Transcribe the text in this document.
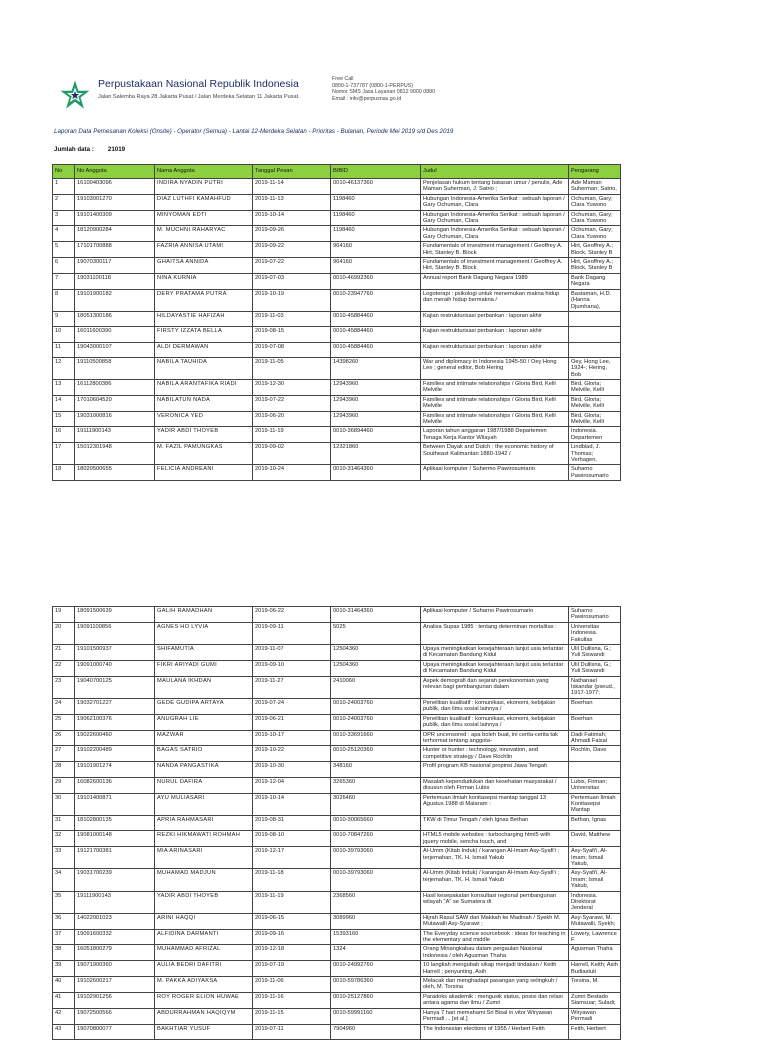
Perpustakaan Nasional Republik Indonesia
Jalan Salemba Raya 28 Jakarta Pusat / Jalan Merdeka Selatan 11 Jakarta Pusat.
Free Call
0800-1-737787 (0800-1-PERPUS)
Nomor SMS Jasa Layanan 0812 9000 0880
Email : info@perpusnas.go.id
Laporan Data Pemesanan Koleksi (Onsite) - Operator (Semua) - Lantai 12-Merdeka Selatan - Prioritas - Bulanan, Periode Mei 2019 s/d Des 2019
Jumlah data : 21019
No	No Anggota	Nama Anggota	Tanggal Pesan	BIBID	Judul	Pengarang
1	16100403096	INDIRA NYADIN PUTRI	2019-11-14	0010-46137360	Penjelasan hukum tentang batasan umur / penulis, Ade Maman Suherman, J. Satrio ;	Ade Maman Suherman; Satrio,
2	19103001270	DIAZ LUTHFI KAMAHFUD	2019-11-13	1198460	Hubungan Indonesia-Amerika Serikat : sebuah laporan / Gary Ochuman, Clara	Ochuman, Gary; Clara Yuwono
3	19101400309	MINYOMAN EDTI	2019-10-14	1198460	Hubungan Indonesia-Amerika Serikat : sebuah laporan / Gary Ochuman, Clara	Ochuman, Gary; Clara Yuwono
4	18120900284	M. MUCHNI RAHARYAC	2019-09-26	1198460	Hubungan Indonesia-Amerika Serikat : sebuah laporan / Gary Ochuman, Clara	Ochuman, Gary; Clara Yuwono
5	17101700888	FAZRIA ANNISA UTAMI	2019-09-22	964160	Fundamentals of investment management / Geoffrey A. Hirt, Stanley B. Block	Hirt, Geoffrey A.; Block, Stanley B
6	19070300117	GHAITSA ANNIDA	2019-07-22	964160	Fundamentals of investment management / Geoffrey A. Hirt, Stanley B. Block	Hirt, Geoffrey A.; Block, Stanley B
7	19031100118	NINA KURNIA	2019-07-03	0010-46992360	Annual report Bank Dagang Negara 1989	Bank Dagang Negara
8	19101900182	DERY PRATAMA PUTRA	2019-10-19	0010-23947760	Logoterapi : psikologi untuk menemukan makna hidup dan meraih hidup bermakna /	Bastaman, H.D. (Hanna Djumhana),
9	18051300186	HILDAYASTIE HAFIZAH	2019-11-03	0010-45884460	Kajian restrukturisasi perbankan : laporan akhir	
10	16011600390	FIRSTY IZZATA BELLA	2019-08-15	0010-45884460	Kajian restrukturisasi perbankan : laporan akhir	
11	19043000107	ALDI DERMAWAN	2019-07-08	0010-45884460	Kajian restrukturisasi perbankan : laporan akhir	
12	19110500858	NABILA TAUHIDA	2019-11-05	14398260	War and diplomacy in Indonesia 1945-50 / Oey Hong Lee ; general editor, Bob Hering	Oey, Hong Lee, 1924-; Hering, Bob
13	16112800386	NABILA ARANTAFIKA RIADI	2019-12-30	12943960	Families and intimate relationships / Gloria Bird, Kelli Melville	Bird, Gloria; Melville, Kelli
14	17010604520	NABILATUN NADA	2019-07-22	12943960	Families and intimate relationships / Gloria Bird, Kelli Melville	Bird, Gloria; Melville, Kelli
15	19031000816	VERONICA YED	2019-06-20	12943960	Families and intimate relationships / Gloria Bird, Kelli Melville	Bird, Gloria; Melville, Kelli
16	19111900143	YADIR ABDI THOYEB	2019-11-19	0010-36894460	Laporan tahun anggaran 1987/1988 Departemen Tenaga Kerja Kantor Wilayah	Indonesia. Departemen
17	15012301948	M. FAZIL PAMUNGKAS	2019-09-02	12321860	Between Dayak and Dutch : the economic history of Southeast Kalimantan 1880-1942 /	Lindblad, J. Thomas; Verhagen,
18	18020500655	FELICIA ANDREANI	2019-10-24	0010-31464360	Aplikasi komputer / Suhermo Pawirosumario	Suharno Pawirosumario
19	18091500639	GALIH RAMADHAN	2019-06-22	0010-31464360	Aplikasi komputer / Suharno Pawirosumario	Suharno Pawirosumario
20	19091100856	AGNES HO LYVIA	2019-09-11	5025	Analisa Supas 1985 : tentang determinan mortalitas :	Universitas Indonesia. Fakultas
21	19101500937	SHIFAMUTIA	2019-11-07	12504360	Upaya meningkatkan kesejahteraan lanjut usia terlantar di Kecamatan Bandung Kidul	Ulil Dullisna, G.; Yuli Siswandi
22	19091000740	FIKRI ARIYADI GUMI	2019-09-10	12504360	Upaya meningkatkan kesejahteraan lanjut usia terlantar di Kecamatan Bandung Kidul	Ulil Dullisna, G.; Yuli Siswandi
23	19040700125	MAULANA IKHDAN	2019-11-27	2410060	Aspek demografi dan sejarah perekonomian yang relevan bagi pembangunan dalam	Nathanael Iskandar (pseud., 1917-1977;
24	19032701227	GEDE GUDIPA ARTAYA	2019-07-24	0010-24003760	Penelitian kualitatif : komunikasi, ekonomi, kebijakan publik, dan ilmu sosial lainnya /	Boerhan
25	19062100376	ANUGRAH LIE	2019-06-21	0010-24003760	Penelitian kualitatif : komunikasi, ekonomi, kebijakan publik, dan ilmu sosial lainnya /	Boerhan
26	19022600460	MAZWAR	2019-10-17	0010-33691660	DPR uncensored : apa boleh buat, ini cerita-cerita tak terhormat tentang anggota-	Dadi Fatimah; Ahmadi Faisal
27	19102200489	BAGAS SATRIO	2019-10-22	0010-25120360	Hunter or hunter : technology, innovation, and competitive strategy / Dave Rochlin	Rochlin, Dave
28	19101901274	NANDA PANGASTIKA	2019-10-30	348160	Profil program KB nasional propinsi Jawa Tengah	
29	16082600136	NURUL DAFIRA	2019-12-04	3265360	Masalah kependudukan dan kesehatan masyarakat / disusun oleh Firman Lubis	Lubis, Firman; Universitas
30	19101400871	AYU MULIASARI	2019-10-14	3026460	Pertemuan ilmiah konitasepsi mantap tanggal 13 Agustus 1988 di Malaram :	Pertemuan Ilmiah Konitasepsi Mantap
31	18102800135	APRIA RAHMASARI	2019-08-31	0010-30065660	TKW di Timur Tengah / oleh Ignas Bethan	Bethan, Ignas
32	19081000148	REZKI HIKMAWATI ROHMAH	2019-08-10	0010-70847260	HTML5 mobile websites : turbocharging html5 with jquery mobile, sencha touch, and	David, Matthew
33	19121700381	MIA ARINASARI	2019-12-17	0010-39793060	Al-Umm (Kitab Induk) / karangan Al-Imam Asy-Syafi'i ; terjemahan, TK. H. Ismail Yakub	Asy-Syafi'i, Al-Imam; Ismail Yakub,
34	19031700239	MUHAMAD MADJUN	2019-11-18	0010-39793060	Al-Umm (Kitab Induk) / karangan Al-Imam Asy-Syafi'i ; terjemahan, TK. H. Ismail Yakub	Asy-Syafi'i, Al-Imam; Ismail Yakub,
35	19111900143	YADIR ABDI THOYEB	2019-11-19	2368560	Hasil kesepakatan konsultasi regional pembangunan wilayah "A" se Sumatera di	Indonesia. Direktorat Jenderal
36	14022001023	ARINI HAQQI	2019-06-15	3089960	Hijrah Rasul SAW dari Makkah ke Madinah / Syekh M. Mutawalli Asy-Syarawi ;	Asy-Syarawi, M. Mutawalli, Syekh;
37	19091600332	ALFIDINA DARMANTI	2019-09-16	15393160	The Everyday science sourcebook : ideas for teaching in the elementary and middle	Lowery, Lawrence F
38	16051800279	MUHAMMAD AFRIZAL	2019-12-18	1324	Orang Minangkabau dalam pergaulan Nasional Indonesia / oleh Agusman Thaha	Agusman Thaha
39	19071900360	AULIA BEDRI DAFITRI	2019-07-19	0010-24992760	10 langkah mengubah sikap menjadi tindakan / Keith Harrell ; penyunting, Asih	Harrell, Keith; Asih Budiastuti
40	19102600217	M. PAKKA ADIYAKSA	2019-11-06	0010-59786360	Melacak dan menghadapi pasangan yang selingkuh / oleh, M. Torsina	Torsina, M.
41	19102901256	ROY ROGER ELION HUWAE	2019-11-16	0010-25127860	Paradoks akademik : mengusik status, posisi dan relasi antara agama dan ilmu / Zumri	Zumri Bestado Siamsuar; Suladi;
42	19072500566	ABDURRAHMAN HAQIQYM	2019-11-15	0010-59991160	Hanya 7 hari memahami Sri Bisal in vitor Wiryawan Permadi ... [et al.]	Wiryawan Permadi
43	19070800077	BAKHTIAR YUSUF	2019-07-11	7904960	The Indonesian elections of 1955 / Herbert Feith	Feith, Herbert
